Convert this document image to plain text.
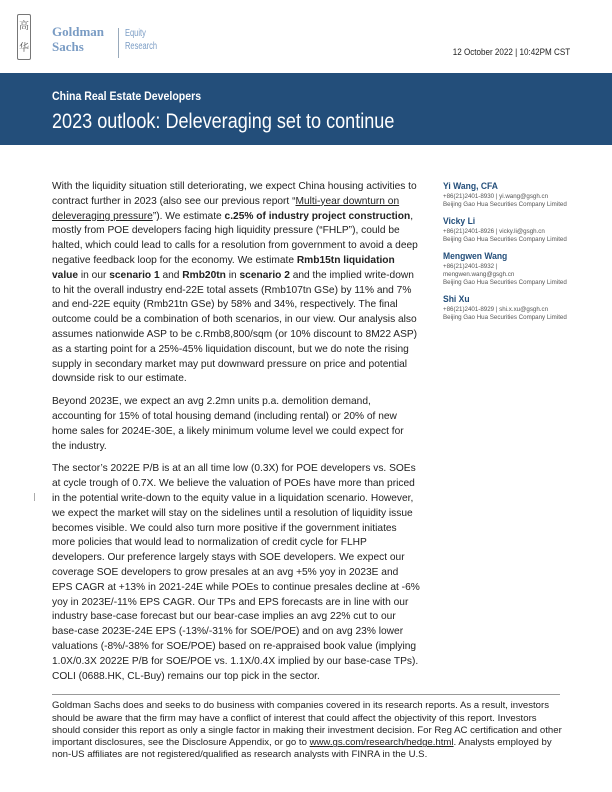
高
华
Goldman
Sachs
Equity
Research
12 October 2022 | 10:42PM CST
China Real Estate Developers
2023 outlook: Deleveraging set to continue

With the liquidity situation still deteriorating, we expect China housing activities to contract further in 2023 (also see our previous report “Multi-year downturn on deleveraging pressure”). We estimate c.25% of industry project construction, mostly from POE developers facing high liquidity pressure (“FHLP”), could be halted, which could lead to calls for a resolution from government to avoid a deep negative feedback loop for the economy. We estimate Rmb15tn liquidation value in our scenario 1 and Rmb20tn in scenario 2 and the implied write-down to hit the overall industry end-22E total assets (Rmb107tn GSe) by 11% and 7% and end-22E equity (Rmb21tn GSe) by 58% and 34%, respectively. The final outcome could be a combination of both scenarios, in our view. Our analysis also assumes nationwide ASP to be c.Rmb8,800/sqm (or 10% discount to 8M22 ASP) as a starting point for a 25%-45% liquidation discount, but we do note the rising supply in secondary market may put downward pressure on price and potential downside risk to our estimate.

Beyond 2023E, we expect an avg 2.2mn units p.a. demolition demand, accounting for 15% of total housing demand (including rental) or 20% of new home sales for 2024E-30E, a likely minimum volume level we could expect for the industry.

The sector’s 2022E P/B is at an all time low (0.3X) for POE developers vs. SOEs at cycle trough of 0.7X. We believe the valuation of POEs have more than priced in the potential write-down to the equity value in a liquidation scenario. However, we expect the market will stay on the sidelines until a resolution of liquidity issue becomes visible. We could also turn more positive if the government initiates more policies that would lead to normalization of credit cycle for FLHP developers. Our preference largely stays with SOE developers. We expect our coverage SOE developers to grow presales at an avg +5% yoy in 2023E and EPS CAGR at +13% in 2021-24E while POEs to continue presales decline at -6% yoy in 2023E/-11% EPS CAGR. Our TPs and EPS forecasts are in line with our industry base-case forecast but our bear-case implies an avg 22% cut to our base-case 2023E-24E EPS (-13%/-31% for SOE/POE) and on avg 23% lower valuations (-8%/-38% for SOE/POE) based on re-appraised book value (implying 1.0X/0.3X 2022E P/B for SOE/POE vs. 1.1X/0.4X implied by our base-case TPs). COLI (0688.HK, CL-Buy) remains our top pick in the sector.

Goldman Sachs does and seeks to do business with companies covered in its research reports. As a result, investors should be aware that the firm may have a conflict of interest that could affect the objectivity of this report. Investors should consider this report as only a single factor in making their investment decision. For Reg AC certification and other important disclosures, see the Disclosure Appendix, or go to www.gs.com/research/hedge.html. Analysts employed by non-US affiliates are not registered/qualified as research analysts with FINRA in the U.S.
Yi Wang, CFA
+86(21)2401-8930 | yi.wang@gsgh.cn
Beijing Gao Hua Securities Company Limited
Vicky Li
+86(21)2401-8926 | vicky.li@gsgh.cn
Beijing Gao Hua Securities Company Limited
Mengwen Wang
+86(21)2401-8932 | mengwen.wang@gsgh.cn
Beijing Gao Hua Securities Company Limited
Shi Xu
+86(21)2401-8929 | shi.x.xu@gsgh.cn
Beijing Gao Hua Securities Company Limited
